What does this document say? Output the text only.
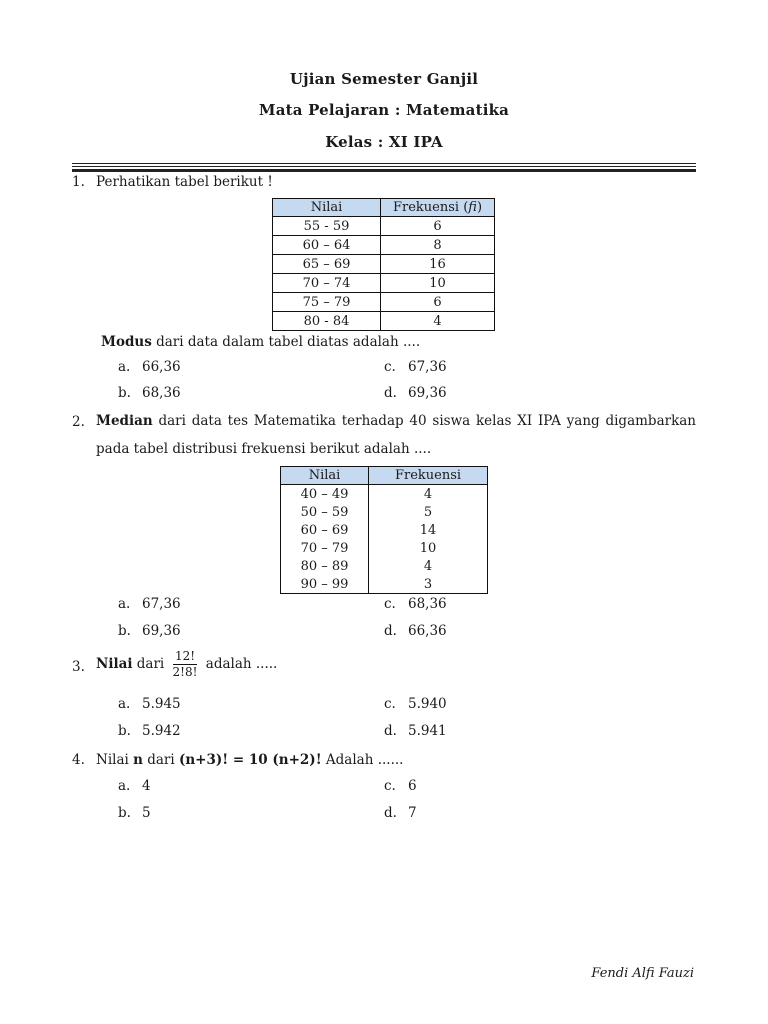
Ujian Semester Ganjil
Mata Pelajaran : Matematika
Kelas : XI IPA
1. Perhatikan tabel berikut !
Nilai	Frekuensi (fi)
55 - 59	6
60 – 64	8
65 – 69	16
70 – 74	10
75 – 79	6
80 - 84	4
Modus dari data dalam tabel diatas adalah ....
a. 66,36	c. 67,36
b. 68,36	d. 69,36
2. Median dari data tes Matematika terhadap 40 siswa kelas XI IPA yang digambarkan pada tabel distribusi frekuensi berikut adalah ....
Nilai	Frekuensi
40 – 49	4
50 – 59	5
60 – 69	14
70 – 79	10
80 – 89	4
90 – 99	3
a. 67,36	c. 68,36
b. 69,36	d. 66,36
3. Nilai dari $\frac{12!}{2!8!}$ adalah .....
a. 5.945	c. 5.940
b. 5.942	d. 5.941
4. Nilai n dari (n+3)! = 10 (n+2)! Adalah ......
a. 4	c. 6
b. 5	d. 7
Fendi Alfi Fauzi
